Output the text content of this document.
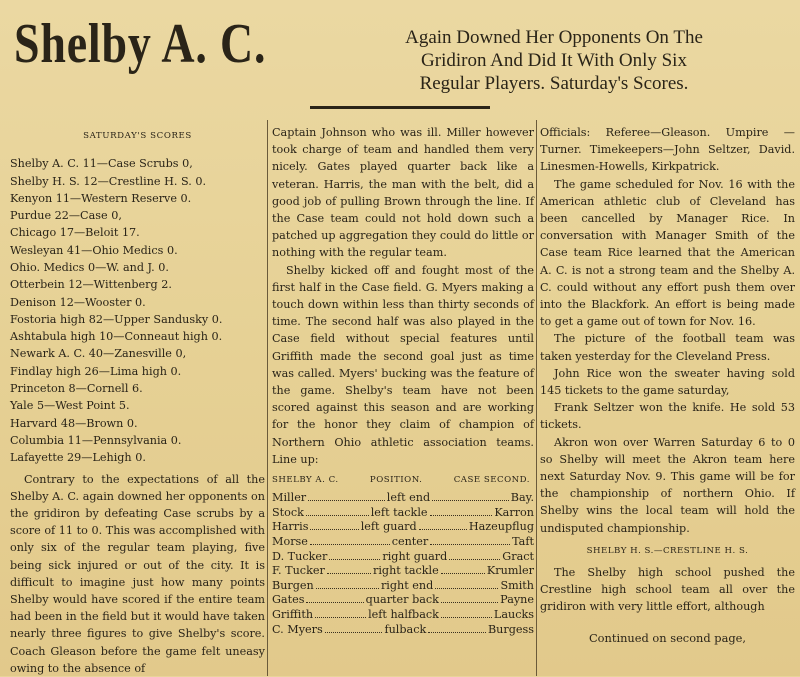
Shelby A. C.	Again Downed Her Opponents On The
Gridiron And Did It With Only Six
Regular Players. Saturday's Scores.

SATURDAY'S SCORES

Shelby A. C. 11—Case Scrubs 0,
Shelby H. S. 12—Crestline H. S. 0.
Kenyon 11—Western Reserve 0.
Purdue 22—Case 0,
Chicago 17—Beloit 17.
Wesleyan 41—Ohio Medics 0.
Ohio. Medics 0—W. and J. 0.
Otterbein 12—Wittenberg 2.
Denison 12—Wooster 0.
Fostoria high 82—Upper Sandusky 0.
Ashtabula high 10—Conneaut high 0.
Newark A. C. 40—Zanesville 0,
Findlay high 26—Lima high 0.
Princeton 8—Cornell 6.
Yale 5—West Point 5.
Harvard 48—Brown 0.
Columbia 11—Pennsylvania 0.
Lafayette 29—Lehigh 0.

Contrary to the expectations of all the Shelby A. C. again downed her opponents on the gridiron by defeating Case scrubs by a score of 11 to 0. This was accomplished with only six of the regular team playing, five being sick injured or out of the city. It is difficult to imagine just how many points Shelby would have scored if the entire team had been in the field but it would have taken nearly three figures to give Shelby's score. Coach Gleason before the game felt uneasy owing to the absence of

Captain Johnson who was ill. Miller however took charge of team and handled them very nicely. Gates played quarter back like a veteran. Harris, the man with the belt, did a good job of pulling Brown through the line. If the Case team could not hold down such a patched up aggregation they could do little or nothing with the regular team.

Shelby kicked off and fought most of the first half in the Case field. G. Myers making a touch down within less than thirty seconds of time. The second half was also played in the Case field without special features until Griffith made the second goal just as time was called. Myers' bucking was the feature of the game. Shelby's team have not been scored against this season and are working for the honor they claim of champion of Northern Ohio athletic association teams. Line up:

SHELBY A. C.	POSITION.	CASE SECOND.
Miller	left end	Bay.
Stock	left tackle	Karron
Harris	left guard	Hazeupflug
Morse	center	Taft
D. Tucker	right guard	Gract
F. Tucker	right tackle	Krumler
Burgen	right end	Smith
Gates	quarter back	Payne
Griffith	left halfback	Laucks
C. Myers	fulback	Burgess

Officials: Referee—Gleason. Umpire —Turner. Timekeepers—John Seltzer, David. Linesmen-Howells, Kirkpatrick.

The game scheduled for Nov. 16 with the American athletic club of Cleveland has been cancelled by Manager Rice. In conversation with Manager Smith of the Case team Rice learned that the American A. C. is not a strong team and the Shelby A. C. could without any effort push them over into the Blackfork. An effort is being made to get a game out of town for Nov. 16.

The picture of the football team was taken yesterday for the Cleveland Press.

John Rice won the sweater having sold 145 tickets to the game saturday,

Frank Seltzer won the knife. He sold 53 tickets.

Akron won over Warren Saturday 6 to 0 so Shelby will meet the Akron team here next Saturday Nov. 9. This game will be for the championship of northern Ohio. If Shelby wins the local team will hold the undisputed championship.

SHELBY H. S.—CRESTLINE H. S.

The Shelby high school pushed the Crestline high school team all over the gridiron with very little effort, although

Continued on second page,
